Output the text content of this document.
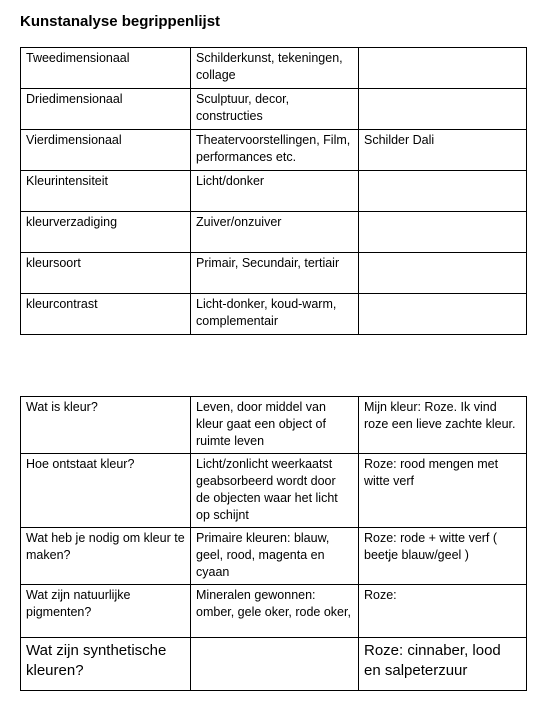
Kunstanalyse begrippenlijst
Tweedimensionaal	Schilderkunst, tekeningen, collage	
Driedimensionaal	Sculptuur, decor, constructies	
Vierdimensionaal	Theatervoorstellingen, Film, performances etc.	Schilder Dali
Kleurintensiteit	Licht/donker	
kleurverzadiging	Zuiver/onzuiver	
kleursoort	Primair, Secundair, tertiair	
kleurcontrast	Licht-donker, koud-warm, complementair	
Wat is kleur?	Leven, door middel van kleur gaat een object of ruimte leven	Mijn kleur: Roze. Ik vind roze een lieve zachte kleur.
Hoe ontstaat kleur?	Licht/zonlicht weerkaatst geabsorbeerd wordt door de objecten waar het licht op schijnt	Roze: rood mengen met witte verf
Wat heb je nodig om kleur te maken?	Primaire kleuren: blauw, geel, rood, magenta en cyaan	Roze: rode + witte verf ( beetje blauw/geel )
Wat zijn natuurlijke pigmenten?	Mineralen gewonnen: omber, gele oker, rode oker,	Roze:
Wat zijn synthetische kleuren?		Roze: cinnaber, lood en salpeterzuur
